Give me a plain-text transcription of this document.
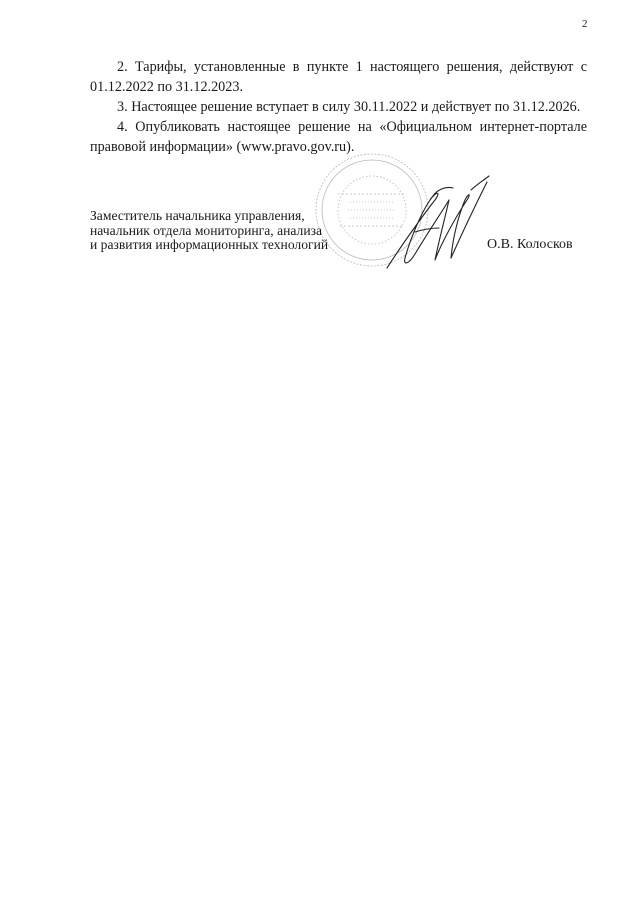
2

2. Тарифы, установленные в пункте 1 настоящего решения, действуют с 01.12.2022 по 31.12.2023.

3. Настоящее решение вступает в силу 30.11.2022 и действует по 31.12.2026.

4. Опубликовать настоящее решение на «Официальном интернет-портале правовой информации» (www.pravo.gov.ru).

Заместитель начальника управления,
начальник отдела мониторинга, анализа
и развития информационных технологий	О.В. Колосков
